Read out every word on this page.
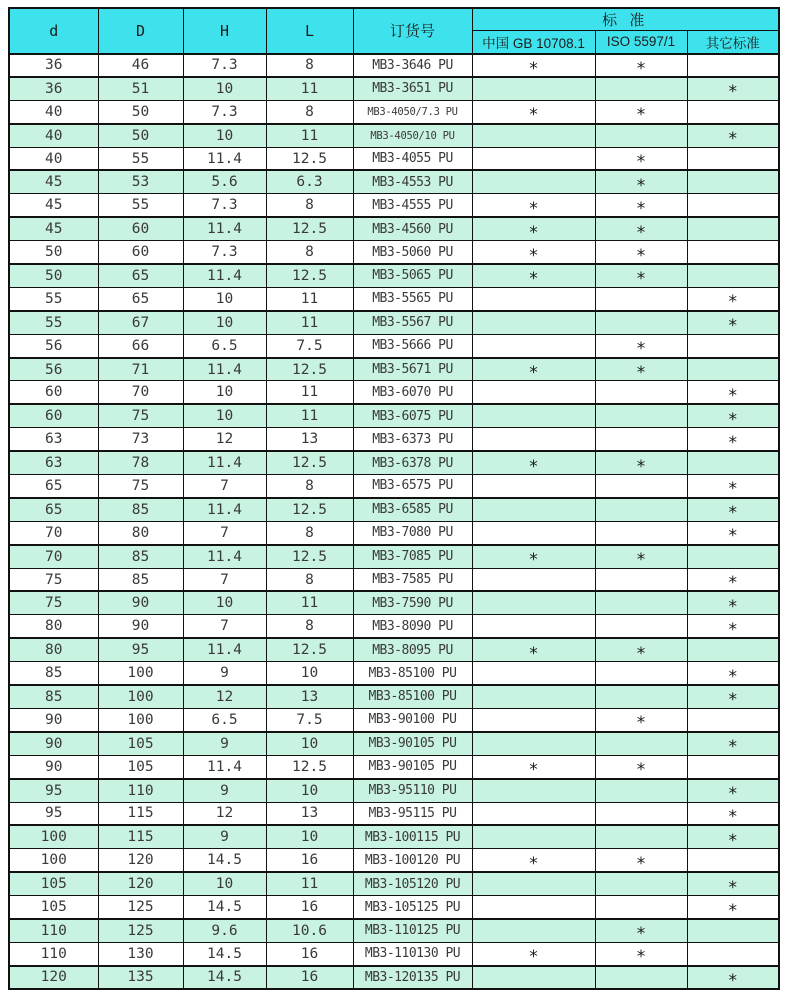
d	D	H	L	订货号	标 准		
					中国 GB 10708.1	ISO 5597/1	其它标准
36	46	7.3	8	MB3-3646 PU	*	*	
36	51	10	11	MB3-3651 PU			*
40	50	7.3	8	MB3-4050/7.3 PU	*	*	
40	50	10	11	MB3-4050/10 PU			*
40	55	11.4	12.5	MB3-4055 PU		*	
45	53	5.6	6.3	MB3-4553 PU		*	
45	55	7.3	8	MB3-4555 PU	*	*	
45	60	11.4	12.5	MB3-4560 PU	*	*	
50	60	7.3	8	MB3-5060 PU	*	*	
50	65	11.4	12.5	MB3-5065 PU	*	*	
55	65	10	11	MB3-5565 PU			*
55	67	10	11	MB3-5567 PU			*
56	66	6.5	7.5	MB3-5666 PU		*	
56	71	11.4	12.5	MB3-5671 PU	*	*	
60	70	10	11	MB3-6070 PU			*
60	75	10	11	MB3-6075 PU			*
63	73	12	13	MB3-6373 PU			*
63	78	11.4	12.5	MB3-6378 PU	*	*	
65	75	7	8	MB3-6575 PU			*
65	85	11.4	12.5	MB3-6585 PU			*
70	80	7	8	MB3-7080 PU			*
70	85	11.4	12.5	MB3-7085 PU	*	*	
75	85	7	8	MB3-7585 PU			*
75	90	10	11	MB3-7590 PU			*
80	90	7	8	MB3-8090 PU			*
80	95	11.4	12.5	MB3-8095 PU	*	*	
85	100	9	10	MB3-85100 PU			*
85	100	12	13	MB3-85100 PU			*
90	100	6.5	7.5	MB3-90100 PU		*	
90	105	9	10	MB3-90105 PU			*
90	105	11.4	12.5	MB3-90105 PU	*	*	
95	110	9	10	MB3-95110 PU			*
95	115	12	13	MB3-95115 PU			*
100	115	9	10	MB3-100115 PU			*
100	120	14.5	16	MB3-100120 PU	*	*	
105	120	10	11	MB3-105120 PU			*
105	125	14.5	16	MB3-105125 PU			*
110	125	9.6	10.6	MB3-110125 PU		*	
110	130	14.5	16	MB3-110130 PU	*	*	
120	135	14.5	16	MB3-120135 PU			*
